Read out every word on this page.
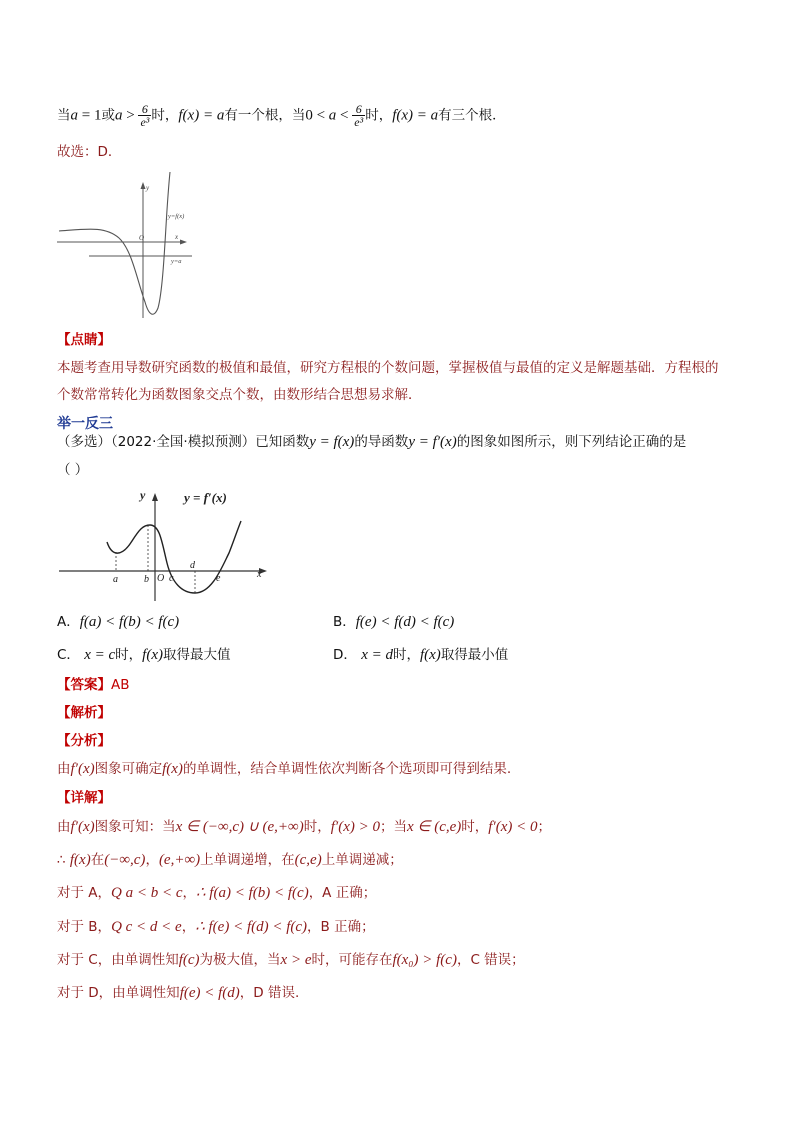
当a = 1或$a > \frac{6}{\text{e³}}$ 时，f(x) = a有一个根，当$0 < a < \frac{6}{\text{e³}}$ 时，f(x) = a有三个根．
故选：D．
y
x
O
y=f(x)
y=a
【点睛】
本题考查用导数研究函数的极值和最值，研究方程根的个数问题，掌握极值与最值的定义是解题基础．方程根的
个数常常转化为函数图象交点个数，由数形结合思想易求解．
举一反三
（多选）（2022·全国·模拟预测）已知函数y = f(x)的导函数y = f′(x)的图象如图所示，则下列结论正确的是
（ ）
y	y = f′(x)
x
O
a	b c
d
e
A．f(a) < f(b) < f(c)	B．f(e) < f(d) < f(c)
C． x = c时，f(x)取得最大值	D． x = d时，f(x)取得最小值
【答案】AB
【解析】
【分析】
由f′(x)图象可确定f(x)的单调性，结合单调性依次判断各个选项即可得到结果.
【详解】
由f′(x)图象可知：当x ∈ (−∞,c) ∪ (e,+∞)时，f′(x) > 0；当x ∈ (c,e)时，f′(x) < 0；
∴ f(x)在(−∞,c)，(e,+∞)上单调递增，在(c,e)上单调递减；
对于 A，Q a < b < c，∴ f(a) < f(b) < f(c)，A 正确；
对于 B，Q c < d < e，∴ f(e) < f(d) < f(c)，B 正确；
对于 C，由单调性知f(c)为极大值，当x > e时，可能存在f(x₀) > f(c)，C 错误；
对于 D，由单调性知f(e) < f(d)，D 错误.
